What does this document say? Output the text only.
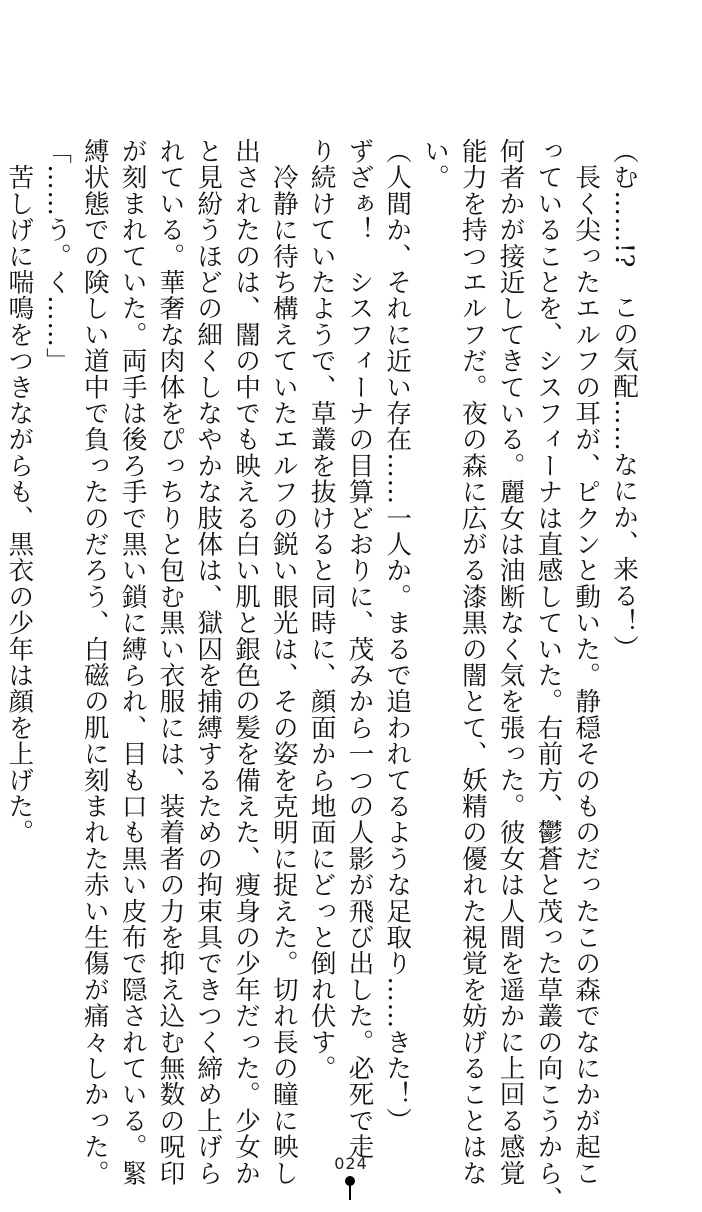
（む……!?　この気配……なにか、来る！）
　長く尖ったエルフの耳が、ピクンと動いた。静穏そのものだったこの森でなにかが起こ
っていることを、シスフィーナは直感していた。右前方、鬱蒼と茂った草叢の向こうから、
何者かが接近してきている。麗女は油断なく気を張った。彼女は人間を遥かに上回る感覚
能力を持つエルフだ。夜の森に広がる漆黒の闇とて、妖精の優れた視覚を妨げることはな
い。
（人間か、それに近い存在……一人か。まるで追われてるような足取り……きた！）
ずざぁ！　シスフィーナの目算どおりに、茂みから一つの人影が飛び出した。必死で走
り続けていたようで、草叢を抜けると同時に、顔面から地面にどっと倒れ伏す。
　冷静に待ち構えていたエルフの鋭い眼光は、その姿を克明に捉えた。切れ長の瞳に映し
出されたのは、闇の中でも映える白い肌と銀色の髪を備えた、痩身の少年だった。少女か
と見紛うほどの細くしなやかな肢体は、獄囚を捕縛するための拘束具できつく締め上げら
れている。華奢な肉体をぴっちりと包む黒い衣服には、装着者の力を抑え込む無数の呪印
が刻まれていた。両手は後ろ手で黒い鎖に縛られ、目も口も黒い皮布で隠されている。緊
縛状態での険しい道中で負ったのだろう、白磁の肌に刻まれた赤い生傷が痛々しかった。
「……う。く……」
　苦しげに喘鳴をつきながらも、黒衣の少年は顔を上げた。
024
